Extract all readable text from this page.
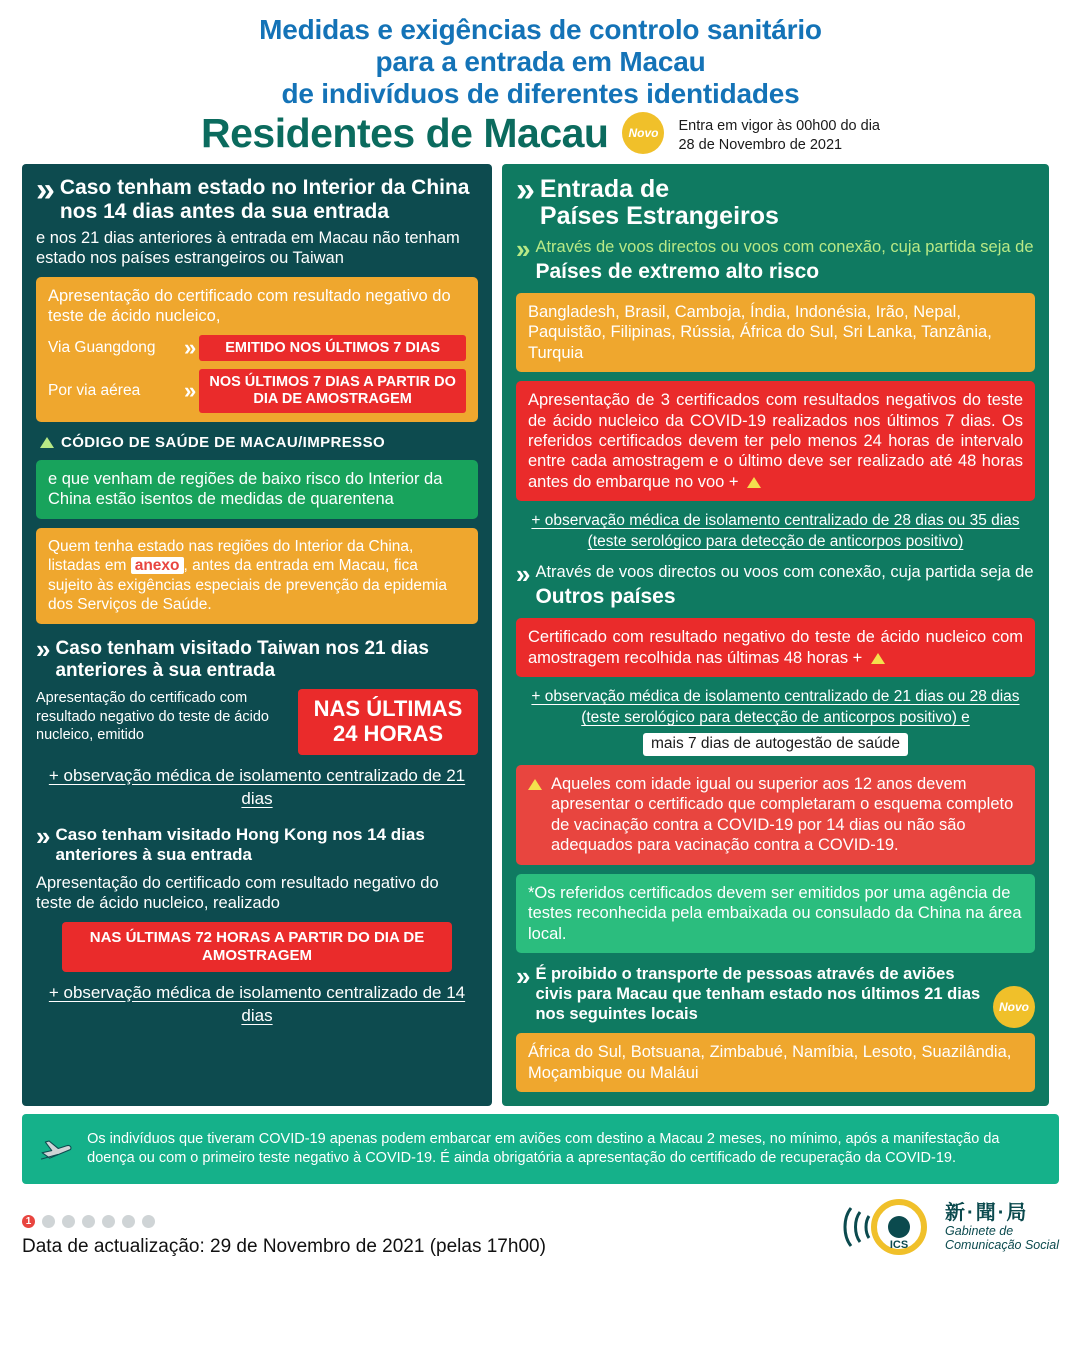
Medidas e exigências de controlo sanitário
para a entrada em Macau
de indivíduos de diferentes identidades
Residentes de Macau	Novo	Entra em vigor às 00h00 do dia
28 de Novembro de 2021
» Caso tenham estado no Interior da China nos 14 dias antes da sua entrada
e nos 21 dias anteriores à entrada em Macau não tenham estado nos países estrangeiros ou Taiwan
Apresentação do certificado com resultado negativo do teste de ácido nucleico,
Via Guangdong	»	EMITIDO NOS ÚLTIMOS 7 DIAS
Por via aérea	»	NOS ÚLTIMOS 7 DIAS A PARTIR DO DIA DE AMOSTRAGEM
CÓDIGO DE SAÚDE DE MACAU/IMPRESSO
e que venham de regiões de baixo risco do Interior da China estão isentos de medidas de quarentena
Quem tenha estado nas regiões do Interior da China, listadas em anexo , antes da entrada em Macau, fica sujeito às exigências especiais de prevenção da epidemia dos Serviços de Saúde.
» Caso tenham visitado Taiwan nos 21 dias anteriores à sua entrada
Apresentação do certificado com resultado negativo do teste de ácido nucleico, emitido
NAS ÚLTIMAS
24 HORAS
+ observação médica de isolamento centralizado de 21 dias
» Caso tenham visitado Hong Kong nos 14 dias anteriores à sua entrada
Apresentação do certificado com resultado negativo do teste de ácido nucleico, realizado
NAS ÚLTIMAS 72 HORAS A PARTIR DO DIA DE AMOSTRAGEM
+ observação médica de isolamento centralizado de 14 dias
» Entrada de
Países Estrangeiros
» Através de voos directos ou voos com conexão, cuja partida seja de
Países de extremo alto risco
Bangladesh, Brasil, Camboja, Índia, Indonésia, Irão, Nepal, Paquistão, Filipinas, Rússia, África do Sul, Sri Lanka, Tanzânia, Turquia
Apresentação de 3 certificados com resultados negativos do teste de ácido nucleico da COVID-19 realizados nos últimos 7 dias. Os referidos certificados devem ter pelo menos 24 horas de intervalo entre cada amostragem e o último deve ser realizado até 48 horas antes do embarque no voo +
+ observação médica de isolamento centralizado de 28 dias ou 35 dias (teste serológico para detecção de anticorpos positivo)
» Através de voos directos ou voos com conexão, cuja partida seja de
Outros países
Certificado com resultado negativo do teste de ácido nucleico com amostragem recolhida nas últimas 48 horas +
+ observação médica de isolamento centralizado de 21 dias ou 28 dias (teste serológico para detecção de anticorpos positivo) e mais 7 dias de autogestão de saúde
Aqueles com idade igual ou superior aos 12 anos devem apresentar o certificado que completaram o esquema completo de vacinação contra a COVID-19 por 14 dias ou não são adequados para vacinação contra a COVID-19.
*Os referidos certificados devem ser emitidos por uma agência de testes reconhecida pela embaixada ou consulado da China na área local.
» É proibido o transporte de pessoas através de aviões civis para Macau que tenham estado nos últimos 21 dias nos seguintes locais	Novo
África do Sul, Botsuana, Zimbabué, Namíbia, Lesoto, Suazilândia, Moçambique ou Maláui
Os indivíduos que tiveram COVID-19 apenas podem embarcar em aviões com destino a Macau 2 meses, no mínimo, após a manifestação da doença ou com o primeiro teste negativo à COVID-19. É ainda obrigatória a apresentação do certificado de recuperação da COVID-19.
1
Data de actualização: 29 de Novembro de 2021 (pelas 17h00)	ICS
新·聞·局
Gabinete de
Comunicação Social
